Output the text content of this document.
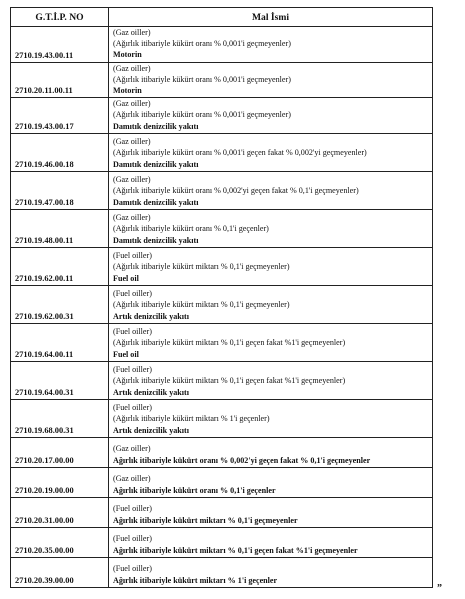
G.T.İ.P. NO	Mal İsmi
2710.19.43.00.11	(Gaz oiller)
(Ağırlık itibariyle kükürt oranı % 0,001'i geçmeyenler)
Motorin

2710.20.11.00.11	(Gaz oiller)
(Ağırlık itibariyle kükürt oranı % 0,001'i geçmeyenler)
Motorin

2710.19.43.00.17	(Gaz oiller)
(Ağırlık itibariyle kükürt oranı % 0,001'i geçmeyenler)
Damıtık denizcilik yakıtı

2710.19.46.00.18	(Gaz oiller)
(Ağırlık itibariyle kükürt oranı % 0,001'i geçen fakat % 0,002'yi geçmeyenler)
Damıtık denizcilik yakıtı

2710.19.47.00.18	(Gaz oiller)
(Ağırlık itibariyle kükürt oranı % 0,002'yi geçen fakat % 0,1'i geçmeyenler)
Damıtık denizcilik yakıtı

2710.19.48.00.11	(Gaz oiller)
(Ağırlık itibariyle kükürt oranı % 0,1'i geçenler)
Damıtık denizcilik yakıtı

2710.19.62.00.11	(Fuel oiller)
(Ağırlık itibariyle kükürt miktarı % 0,1'i geçmeyenler)
Fuel oil

2710.19.62.00.31	(Fuel oiller)
(Ağırlık itibariyle kükürt miktarı % 0,1'i geçmeyenler)
Artık denizcilik yakıtı

2710.19.64.00.11	(Fuel oiller)
(Ağırlık itibariyle kükürt miktarı % 0,1'i geçen fakat %1'i geçmeyenler)
Fuel oil

2710.19.64.00.31	(Fuel oiller)
(Ağırlık itibariyle kükürt miktarı % 0,1'i geçen fakat %1'i geçmeyenler)
Artık denizcilik yakıtı

2710.19.68.00.31	(Fuel oiller)
(Ağırlık itibariyle kükürt miktarı % 1'i geçenler)
Artık denizcilik yakıtı

2710.20.17.00.00	(Gaz oiller)
Ağırlık itibariyle kükürt oranı % 0,002'yi geçen fakat % 0,1'i geçmeyenler

2710.20.19.00.00	(Gaz oiller)
Ağırlık itibariyle kükürt oranı % 0,1'i geçenler

2710.20.31.00.00	(Fuel oiller)
Ağırlık itibariyle kükürt miktarı % 0,1'i geçmeyenler

2710.20.35.00.00	(Fuel oiller)
Ağırlık itibariyle kükürt miktarı % 0,1'i geçen fakat %1'i geçmeyenler

2710.20.39.00.00	(Fuel oiller)
Ağırlık itibariyle kükürt miktarı % 1'i geçenler
”
